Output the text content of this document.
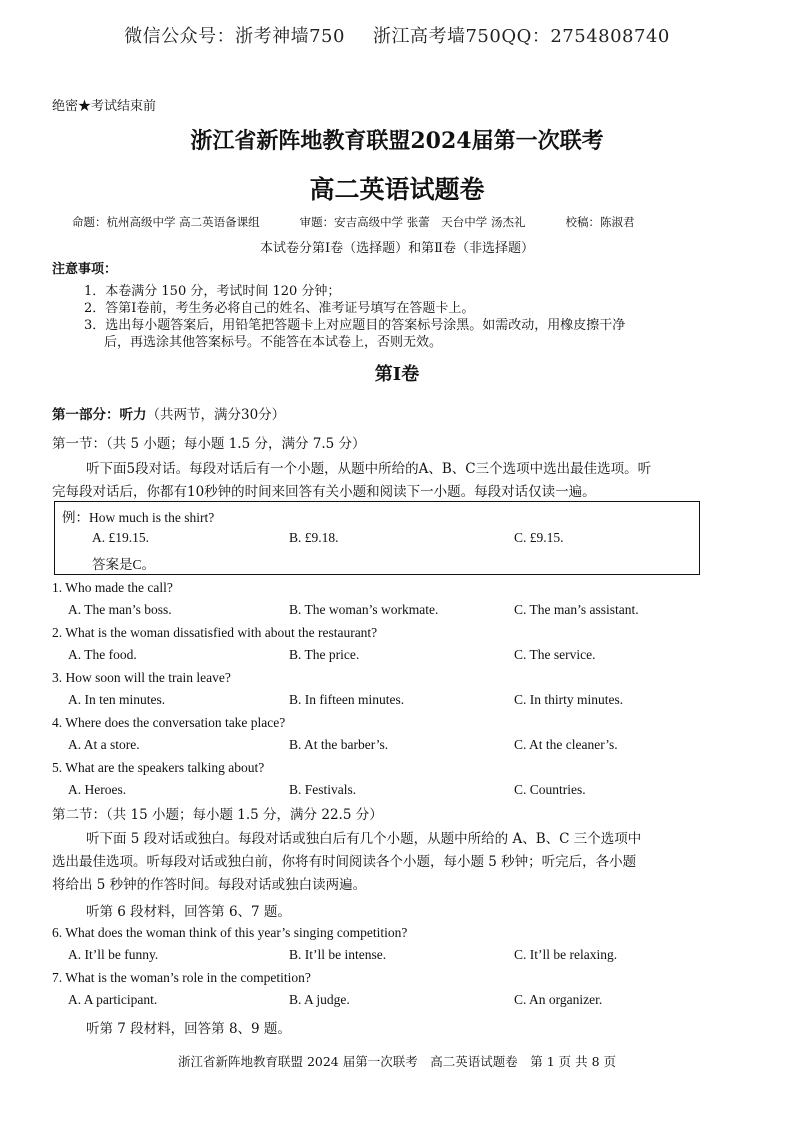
微信公众号：浙考神墙750 浙江高考墙750QQ：2754808740
绝密★考试结束前
浙江省新阵地教育联盟2024届第一次联考
高二英语试题卷
命题：杭州高级中学 高二英语备课组	审题：安吉高级中学 张蕾　天台中学 汤杰礼	校稿：陈淑君
本试卷分第Ⅰ卷（选择题）和第Ⅱ卷（非选择题）
注意事项：
1．本卷满分 150 分，考试时间 120 分钟；
2．答第Ⅰ卷前，考生务必将自己的姓名、准考证号填写在答题卡上。
3．选出每小题答案后，用铅笔把答题卡上对应题目的答案标号涂黑。如需改动，用橡皮擦干净
后，再选涂其他答案标号。不能答在本试卷上，否则无效。
第Ⅰ卷
第一部分：听力（共两节，满分30分）
第一节：（共 5 小题；每小题 1.5 分，满分 7.5 分）
听下面5段对话。每段对话后有一个小题，从题中所给的A、B、C三个选项中选出最佳选项。听
完每段对话后，你都有10秒钟的时间来回答有关小题和阅读下一小题。每段对话仅读一遍。
例：How much is the shirt?
A. £19.15.	B. £9.18.	C. £9.15.
答案是C。
1. Who made the call?
A. The man’s boss.	B. The woman’s workmate.	C. The man’s assistant.
2. What is the woman dissatisfied with about the restaurant?
A. The food.	B. The price.	C. The service.
3. How soon will the train leave?
A. In ten minutes.	B. In fifteen minutes.	C. In thirty minutes.
4. Where does the conversation take place?
A. At a store.	B. At the barber’s.	C. At the cleaner’s.
5. What are the speakers talking about?
A. Heroes.	B. Festivals.	C. Countries.
第二节：（共 15 小题；每小题 1.5 分，满分 22.5 分）
听下面 5 段对话或独白。每段对话或独白后有几个小题，从题中所给的 A、B、C 三个选项中
选出最佳选项。听每段对话或独白前，你将有时间阅读各个小题，每小题 5 秒钟；听完后，各小题
将给出 5 秒钟的作答时间。每段对话或独白读两遍。
听第 6 段材料，回答第 6、7 题。
6. What does the woman think of this year’s singing competition?
A. It’ll be funny.	B. It’ll be intense.	C. It’ll be relaxing.
7. What is the woman’s role in the competition?
A. A participant.	B. A judge.	C. An organizer.
听第 7 段材料，回答第 8、9 题。
浙江省新阵地教育联盟 2024 届第一次联考　高二英语试题卷　第 1 页 共 8 页
